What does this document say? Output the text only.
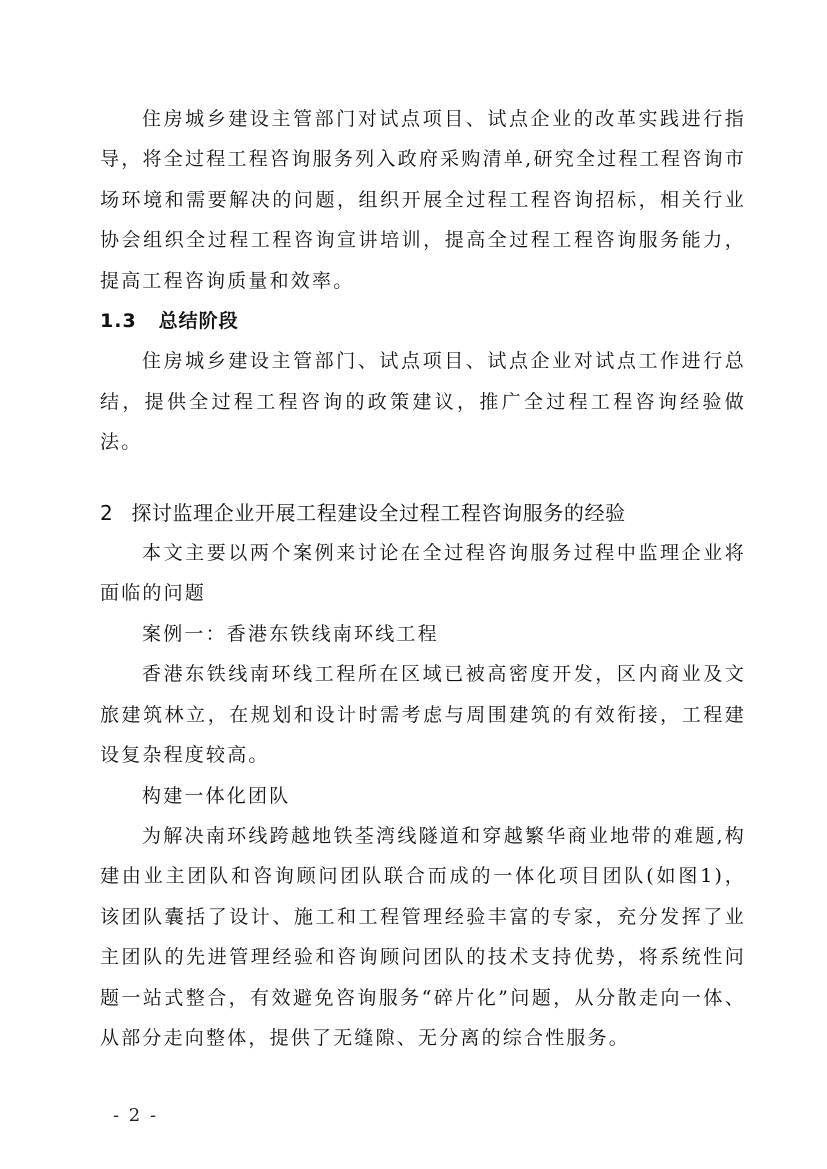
住房城乡建设主管部门对试点项目、试点企业的改革实践进行指导，将全过程工程咨询服务列入政府采购清单,研究全过程工程咨询市场环境和需要解决的问题，组织开展全过程工程咨询招标，相关行业协会组织全过程工程咨询宣讲培训，提高全过程工程咨询服务能力，提高工程咨询质量和效率。

1.3 总结阶段

住房城乡建设主管部门、试点项目、试点企业对试点工作进行总结，提供全过程工程咨询的政策建议，推广全过程工程咨询经验做法。

2 探讨监理企业开展工程建设全过程工程咨询服务的经验

本文主要以两个案例来讨论在全过程咨询服务过程中监理企业将面临的问题

案例一：香港东铁线南环线工程

香港东铁线南环线工程所在区域已被高密度开发，区内商业及文旅建筑林立，在规划和设计时需考虑与周围建筑的有效衔接，工程建设复杂程度较高。

构建一体化团队

为解决南环线跨越地铁荃湾线隧道和穿越繁华商业地带的难题,构建由业主团队和咨询顾问团队联合而成的一体化项目团队(如图1)，该团队囊括了设计、施工和工程管理经验丰富的专家，充分发挥了业主团队的先进管理经验和咨询顾问团队的技术支持优势，将系统性问题一站式整合，有效避免咨询服务“碎片化”问题，从分散走向一体、从部分走向整体，提供了无缝隙、无分离的综合性服务。

- 2 -
